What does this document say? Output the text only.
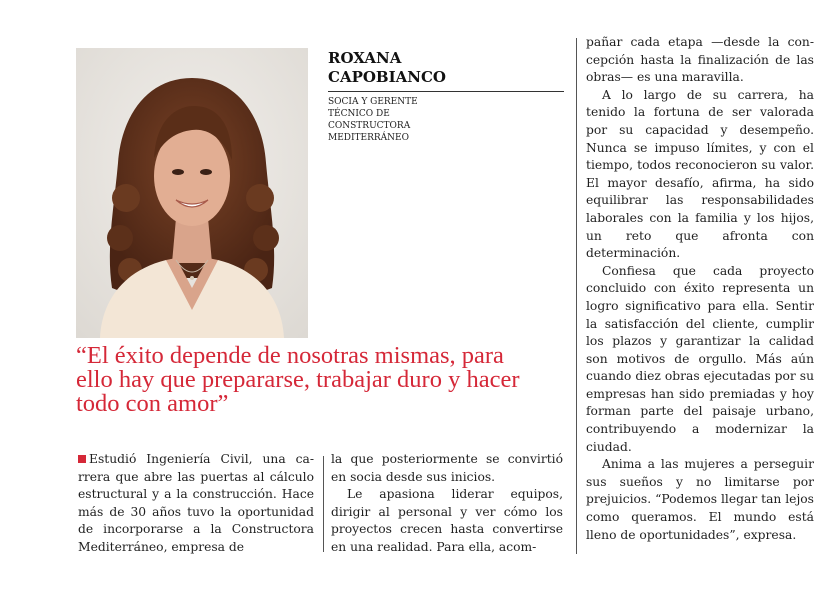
ROXANA
CAPOBIANCO
SOCIA Y GERENTE
TÉCNICO DE
CONSTRUCTORA
MEDITERRÁNEO
“El éxito depende de nosotras mismas, para
ello hay que prepararse, trabajar duro y hacer
todo con amor”

Estudió Ingeniería Civil, una carrera que abre las puertas al cálculo estructural y a la construcción. Hace más de 30 años tuvo la oportunidad de incorporarse a la Constructora Mediterráneo, empresa de

la que posteriormente se convirtió en socia desde sus inicios.

Le apasiona liderar equipos, dirigir al personal y ver cómo los proyectos crecen hasta convertirse en una realidad. Para ella, acom-

pañar cada etapa —desde la concepción hasta la finalización de las obras— es una maravilla.

A lo largo de su carrera, ha tenido la fortuna de ser valorada por su capacidad y desempeño. Nunca se impuso límites, y con el tiempo, todos reconocieron su valor. El mayor desafío, afirma, ha sido equilibrar las responsabilidades laborales con la familia y los hijos, un reto que afronta con determinación.

Confiesa que cada proyecto concluido con éxito representa un logro significativo para ella. Sentir la satisfacción del cliente, cumplir los plazos y garantizar la calidad son motivos de orgullo. Más aún cuando diez obras ejecutadas por su empresas han sido premiadas y hoy forman parte del paisaje urbano, contribuyendo a modernizar la ciudad.

Anima a las mujeres a perseguir sus sueños y no limitarse por prejuicios. “Podemos llegar tan lejos como queramos. El mundo está lleno de oportunidades”, expresa.
